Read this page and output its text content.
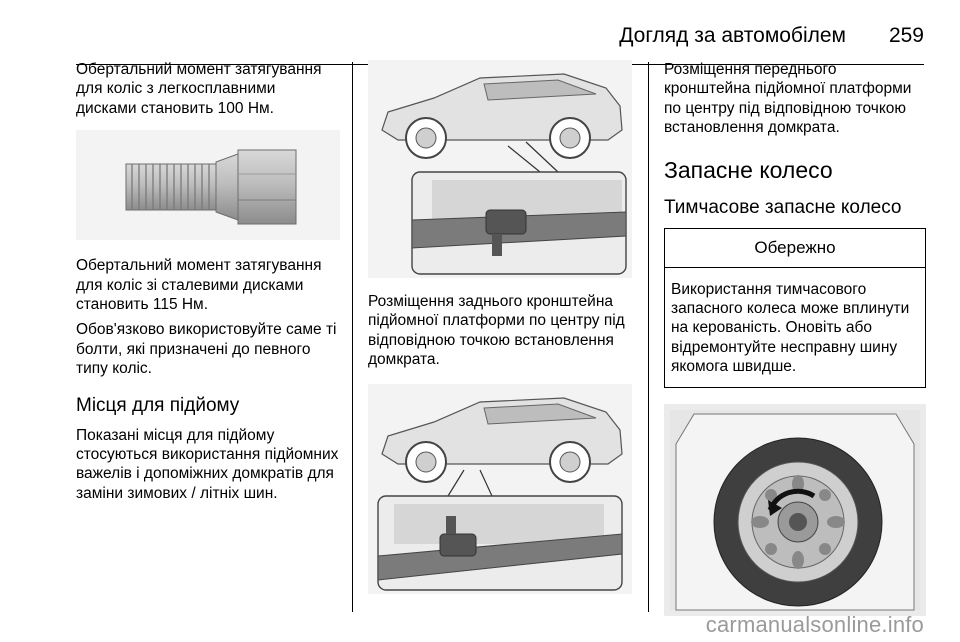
Догляд за автомобілем 259

Обертальний момент затягування для коліс з легкосплавними дисками становить 100 Нм.

Обертальний момент затягування для коліс зі сталевими дисками становить 115 Нм.

Обов'язково використовуйте саме ті болти, які призначені до певного типу коліс.

Місця для підйому

Показані місця для підйому стосуються використання підйомних важелів і допоміжних домкратів для заміни зимових / літніх шин.

Розміщення заднього кронштейна підйомної платформи по центру під відповідною точкою встановлення домкрата.

Розміщення переднього кронштейна підйомної платформи по центру під відповідною точкою встановлення домкрата.

Запасне колесо
Тимчасове запасне колесо
Обережно

Використання тимчасового запасного колеса може вплинути на керованість. Оновіть або відремонтуйте несправну шину якомога швидше.

carmanualsonline.info
